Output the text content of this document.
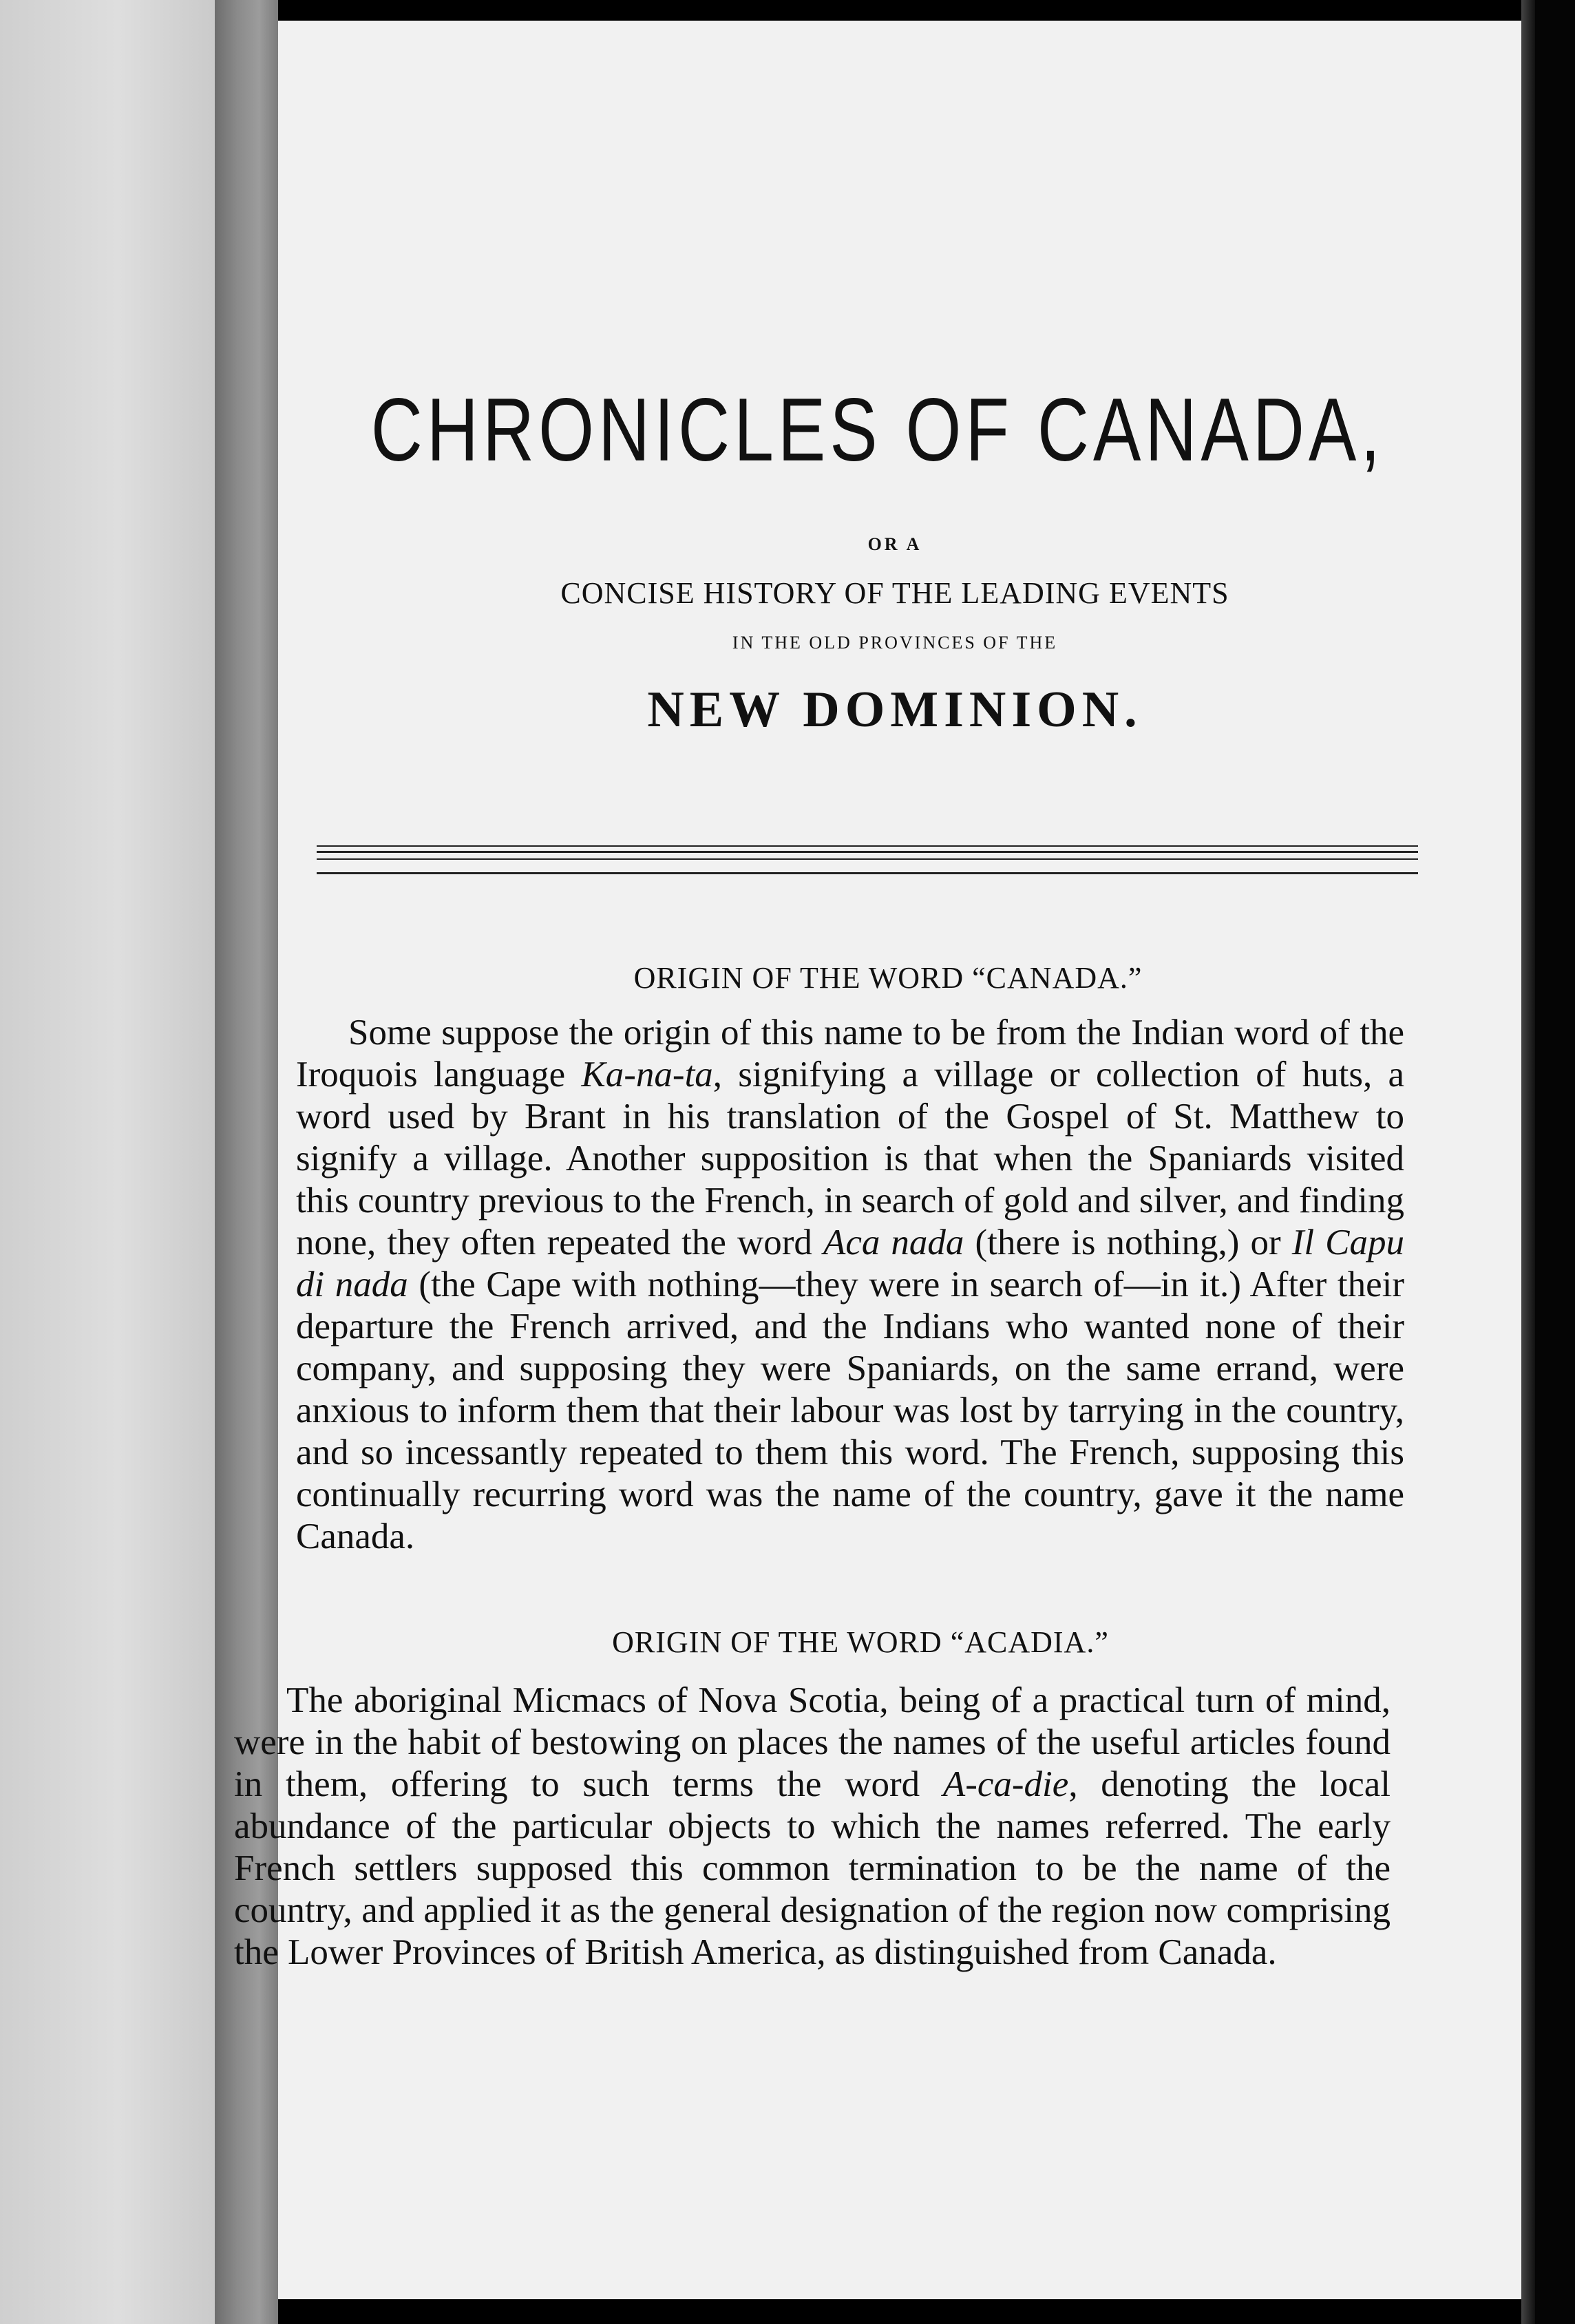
CHRONICLES OF CANADA,
OR A
CONCISE HISTORY OF THE LEADING EVENTS
IN THE OLD PROVINCES OF THE
NEW DOMINION.
ORIGIN OF THE WORD “CANADA.”

Some suppose the origin of this name to be from the Indian word of the Iroquois language Ka-na-ta, signifying a village or collection of huts, a word used by Brant in his translation of the Gospel of St. Matthew to signify a village. Another supposition is that when the Spaniards visited this country previous to the French, in search of gold and silver, and finding none, they often repeated the word Aca nada (there is nothing,) or Il Capu di nada (the Cape with nothing—they were in search of—in it.) After their departure the French arrived, and the Indians who wanted none of their company, and supposing they were Spaniards, on the same errand, were anxious to inform them that their labour was lost by tarrying in the country, and so incessantly repeated to them this word. The French, supposing this continually recurring word was the name of the country, gave it the name Canada.

ORIGIN OF THE WORD “ACADIA.”

The aboriginal Micmacs of Nova Scotia, being of a practical turn of mind, were in the habit of bestowing on places the names of the useful articles found in them, offering to such terms the word A-ca-die, denoting the local abundance of the particular objects to which the names referred. The early French settlers supposed this common termination to be the name of the country, and applied it as the general designation of the region now comprising the Lower Provinces of British America, as distinguished from Canada.
